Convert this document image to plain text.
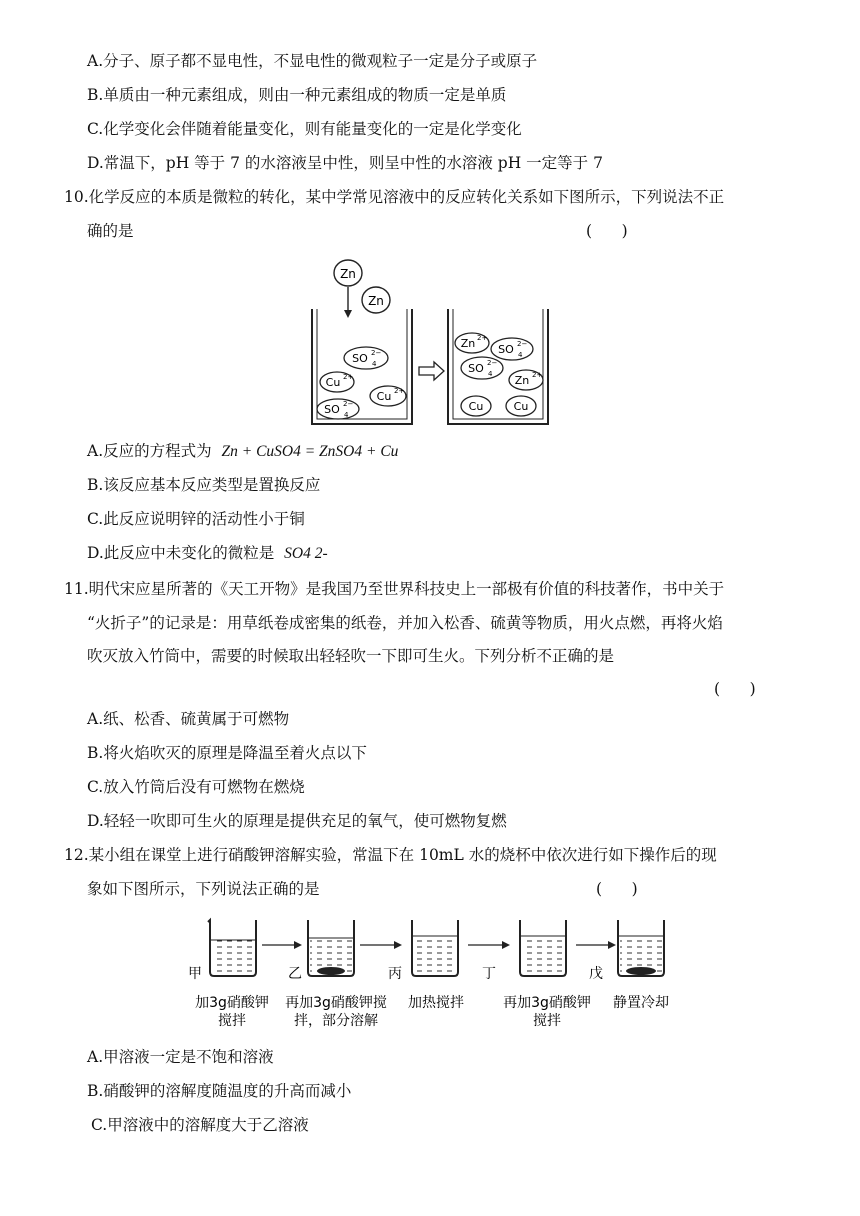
A.分子、原子都不显电性，不显电性的微观粒子一定是分子或原子
B.单质由一种元素组成，则由一种元素组成的物质一定是单质
C.化学变化会伴随着能量变化，则有能量变化的一定是化学变化
D.常温下，pH 等于 7 的水溶液呈中性，则呈中性的水溶液 pH 一定等于 7
10.化学反应的本质是微粒的转化，某中学常见溶液中的反应转化关系如下图所示，下列说法不正
确的是	(      )
Zn
Zn
SO 4
2−
Cu 2+
Cu 2+
SO 4
2−
Zn 2+
SO 4
2−
SO 4
2−
Zn 2+
Cu	Cu
A.反应的方程式为 Zn + CuSO4 = ZnSO4 + Cu
B.该反应基本反应类型是置换反应
C.此反应说明锌的活动性小于铜
D.此反应中未变化的微粒是 SO4 2-
11.明代宋应星所著的《天工开物》是我国乃至世界科技史上一部极有价值的科技著作，书中关于
“火折子”的记录是：用草纸卷成密集的纸卷，并加入松香、硫黄等物质，用火点燃，再将火焰
吹灭放入竹筒中，需要的时候取出轻轻吹一下即可生火。下列分析不正确的是
(      )
A.纸、松香、硫黄属于可燃物
B.将火焰吹灭的原理是降温至着火点以下
C.放入竹筒后没有可燃物在燃烧
D.轻轻一吹即可生火的原理是提供充足的氧气，使可燃物复燃
12.某小组在课堂上进行硝酸钾溶解实验，常温下在 10mL 水的烧杯中依次进行如下操作后的现
象如下图所示，下列说法正确的是	(      )
甲	乙	丙	丁	戊
加3g硝酸钾
搅拌
再加3g硝酸钾搅
拌，部分溶解
加热搅拌	再加3g硝酸钾
搅拌
静置冷却
A.甲溶液一定是不饱和溶液
B.硝酸钾的溶解度随温度的升高而减小
C.甲溶液中的溶解度大于乙溶液
